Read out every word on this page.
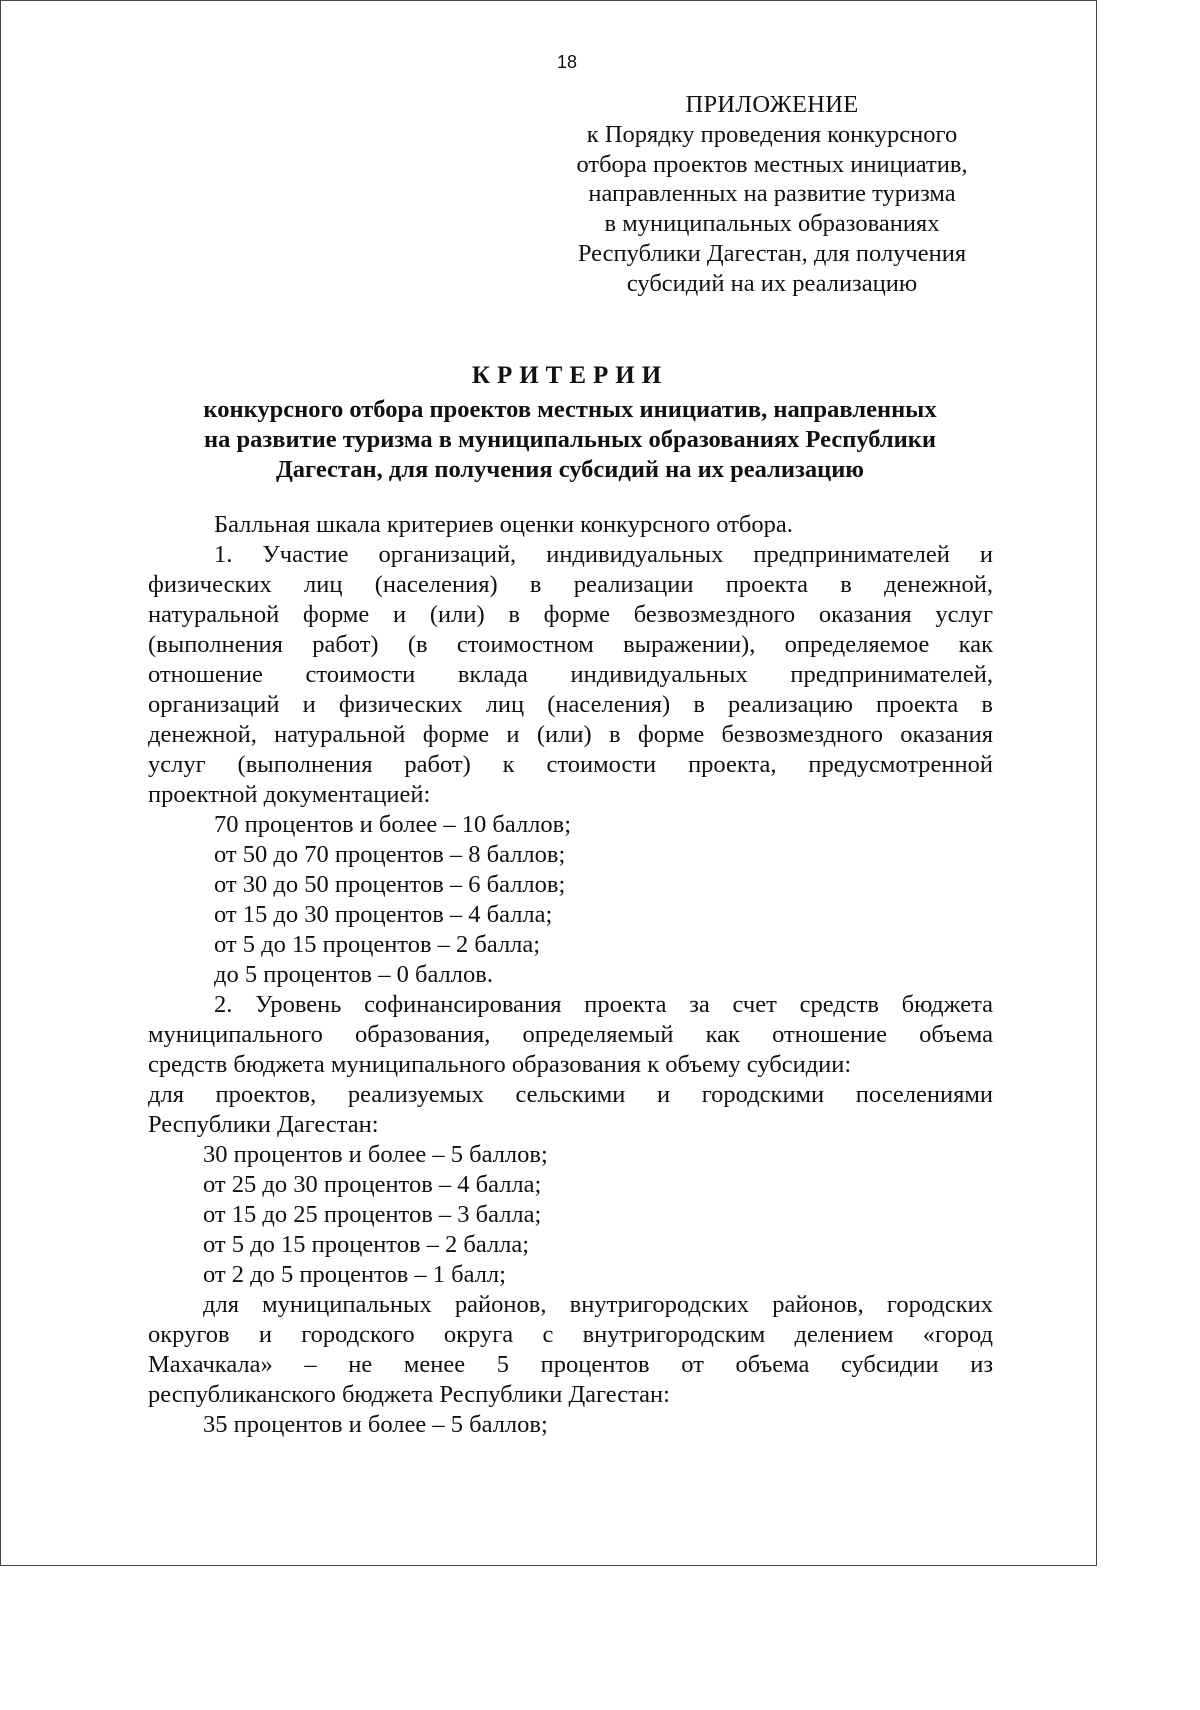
18
ПРИЛОЖЕНИЕ
к Порядку проведения конкурсного
отбора проектов местных инициатив,
направленных на развитие туризма
в муниципальных образованиях
Республики Дагестан, для получения
субсидий на их реализацию
КРИТЕРИИ
конкурсного отбора проектов местных инициатив, направленных
на развитие туризма в муниципальных образованиях Республики
Дагестан, для получения субсидий на их реализацию
Балльная шкала критериев оценки конкурсного отбора.
1. Участие организаций, индивидуальных предпринимателей и
физических лиц (населения) в реализации проекта в денежной,
натуральной форме и (или) в форме безвозмездного оказания услуг
(выполнения работ) (в стоимостном выражении), определяемое как
отношение стоимости вклада индивидуальных предпринимателей,
организаций и физических лиц (населения) в реализацию проекта в
денежной, натуральной форме и (или) в форме безвозмездного оказания
услуг (выполнения работ) к стоимости проекта, предусмотренной
проектной документацией:
70 процентов и более – 10 баллов;
от 50 до 70 процентов – 8 баллов;
от 30 до 50 процентов – 6 баллов;
от 15 до 30 процентов – 4 балла;
от 5 до 15 процентов – 2 балла;
до 5 процентов – 0 баллов.
2. Уровень софинансирования проекта за счет средств бюджета
муниципального образования, определяемый как отношение объема
средств бюджета муниципального образования к объему субсидии:
для проектов, реализуемых сельскими и городскими поселениями
Республики Дагестан:
30 процентов и более – 5 баллов;
от 25 до 30 процентов – 4 балла;
от 15 до 25 процентов – 3 балла;
от 5 до 15 процентов – 2 балла;
от 2 до 5 процентов – 1 балл;
для муниципальных районов, внутригородских районов, городских
округов и городского округа с внутригородским делением «город
Махачкала» – не менее 5 процентов от объема субсидии из
республиканского бюджета Республики Дагестан:
35 процентов и более – 5 баллов;
